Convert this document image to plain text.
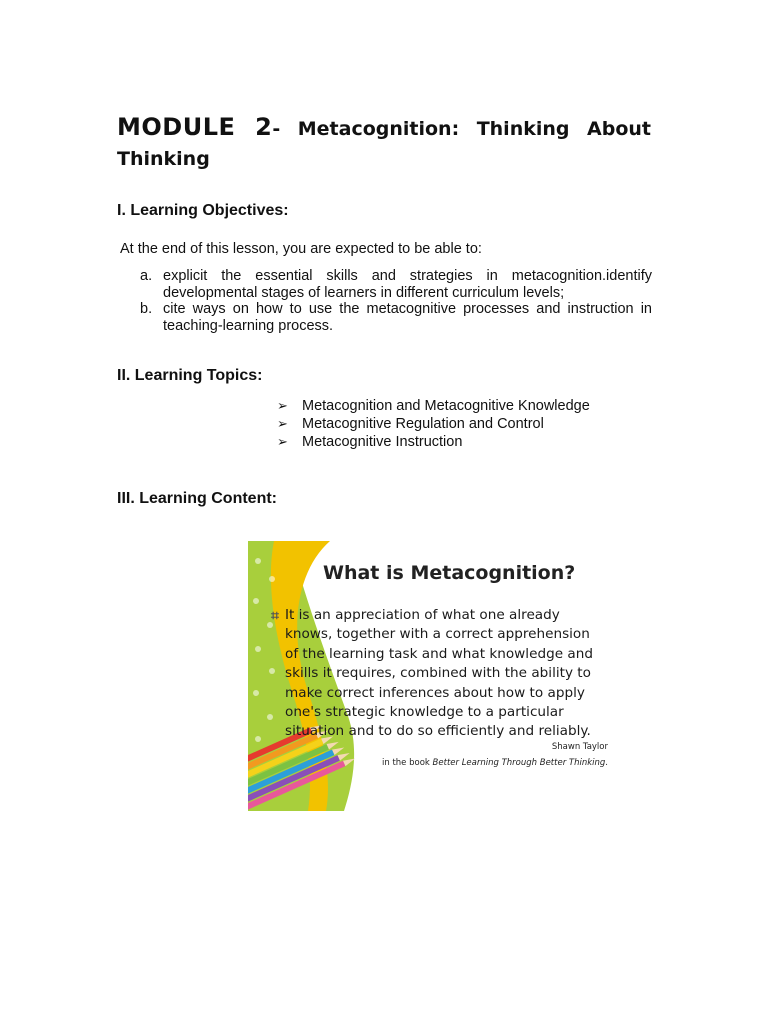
MODULE 2- Metacognition: Thinking About Thinking
I. Learning Objectives:

At the end of this lesson, you are expected to be able to:

a. explicit the essential skills and strategies in metacognition.identify developmental stages of learners in different curriculum levels;
b. cite ways on how to use the metacognitive processes and instruction in teaching-learning process.
II. Learning Topics:
➢ Metacognition and Metacognitive Knowledge
➢ Metacognitive Regulation and Control
➢ Metacognitive Instruction
III. Learning Content:
What is Metacognition?
⌗ It is an appreciation of what one already knows, together with a correct apprehension of the learning task and what knowledge and skills it requires, combined with the ability to make correct inferences about how to apply one's strategic knowledge to a particular situation and to do so efficiently and reliably.

Shawn Taylor

in the book Better Learning Through Better Thinking.
